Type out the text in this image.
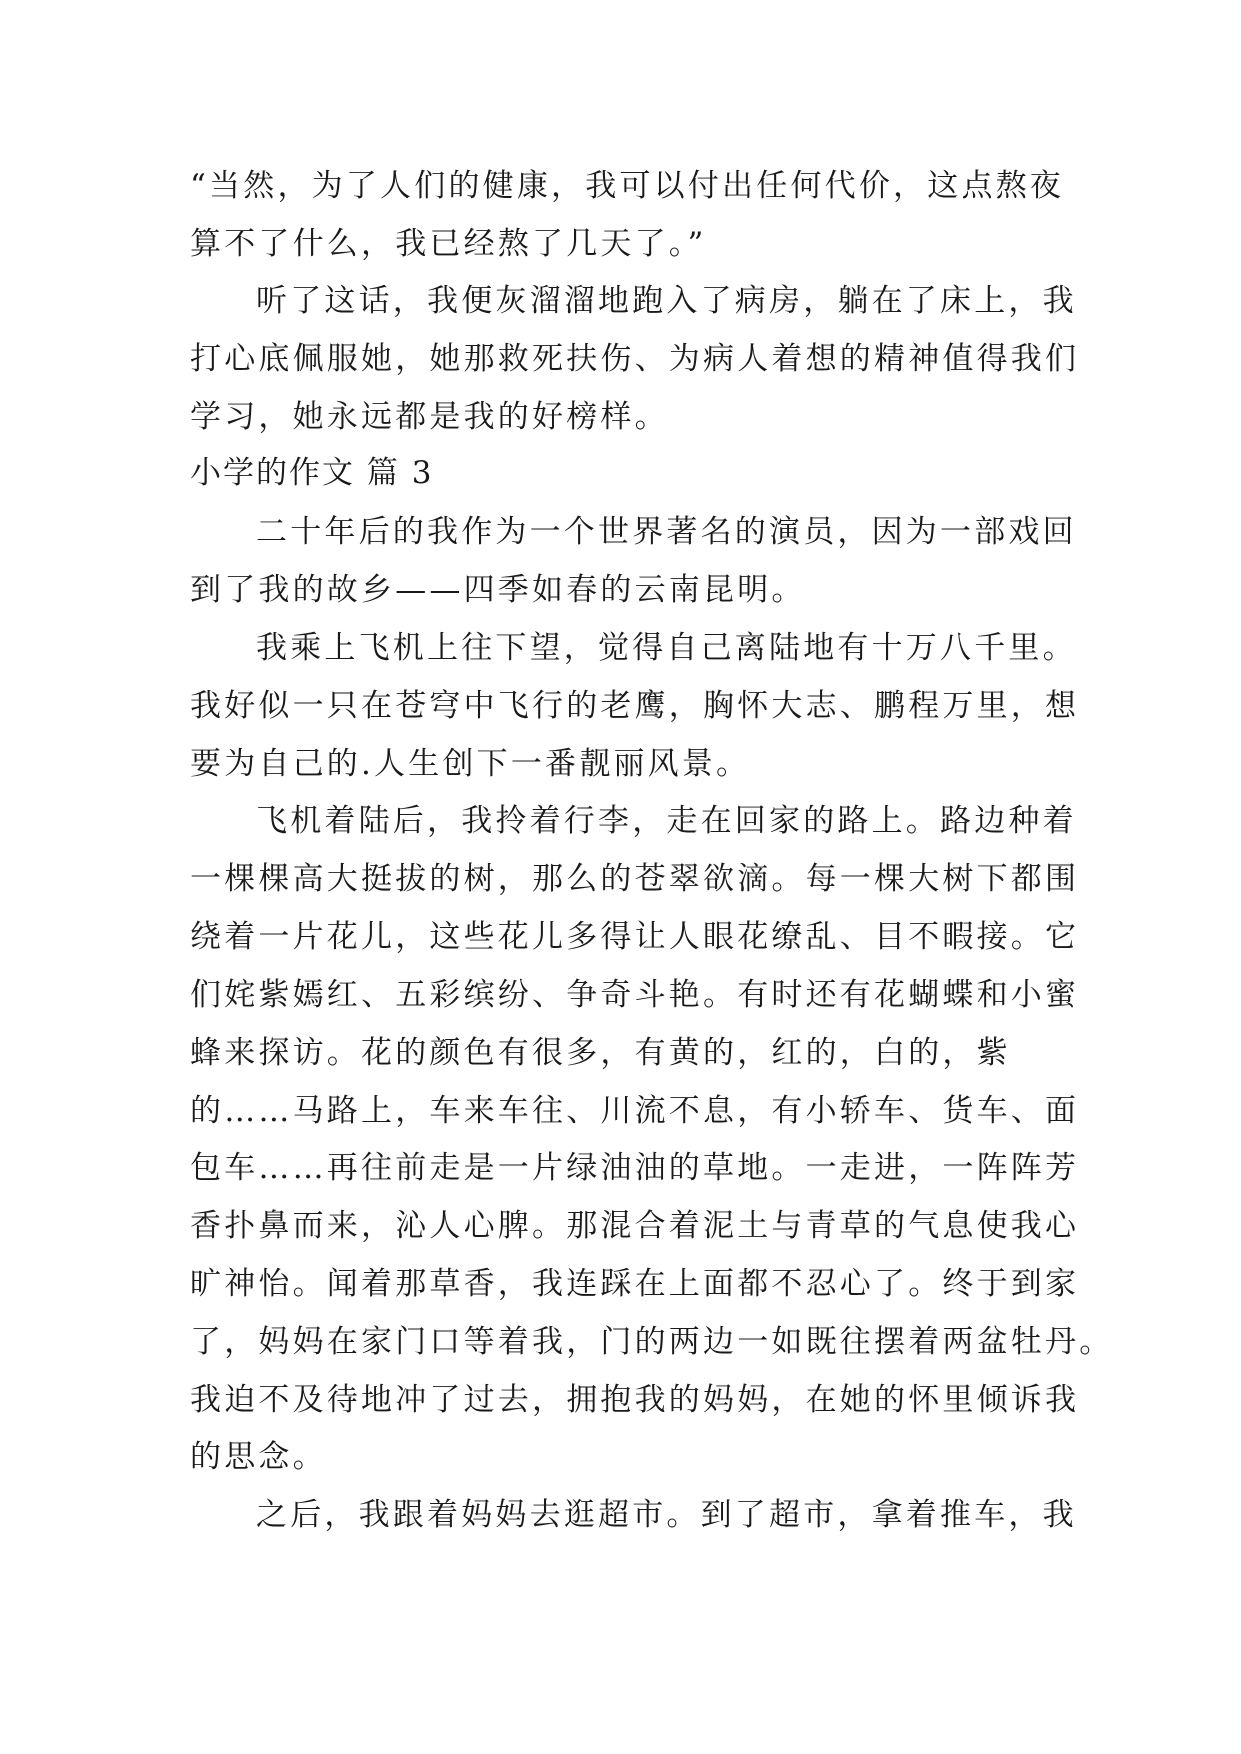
“当然，为了人们的健康，我可以付出任何代价，这点熬夜
算不了什么，我已经熬了几天了。”
听了这话，我便灰溜溜地跑入了病房，躺在了床上，我
打心底佩服她，她那救死扶伤、为病人着想的精神值得我们
学习，她永远都是我的好榜样。
小学的作文 篇 3
二十年后的我作为一个世界著名的演员，因为一部戏回
到了我的故乡——四季如春的云南昆明。
我乘上飞机上往下望，觉得自己离陆地有十万八千里。
我好似一只在苍穹中飞行的老鹰，胸怀大志、鹏程万里，想
要为自己的.人生创下一番靓丽风景。
飞机着陆后，我拎着行李，走在回家的路上。路边种着
一棵棵高大挺拔的树，那么的苍翠欲滴。每一棵大树下都围
绕着一片花儿，这些花儿多得让人眼花缭乱、目不暇接。它
们姹紫嫣红、五彩缤纷、争奇斗艳。有时还有花蝴蝶和小蜜
蜂来探访。花的颜色有很多，有黄的，红的，白的，紫
的……马路上，车来车往、川流不息，有小轿车、货车、面
包车……再往前走是一片绿油油的草地。一走进，一阵阵芳
香扑鼻而来，沁人心脾。那混合着泥土与青草的气息使我心
旷神怡。闻着那草香，我连踩在上面都不忍心了。终于到家
了，妈妈在家门口等着我，门的两边一如既往摆着两盆牡丹。
我迫不及待地冲了过去，拥抱我的妈妈，在她的怀里倾诉我
的思念。
之后，我跟着妈妈去逛超市。到了超市，拿着推车，我
